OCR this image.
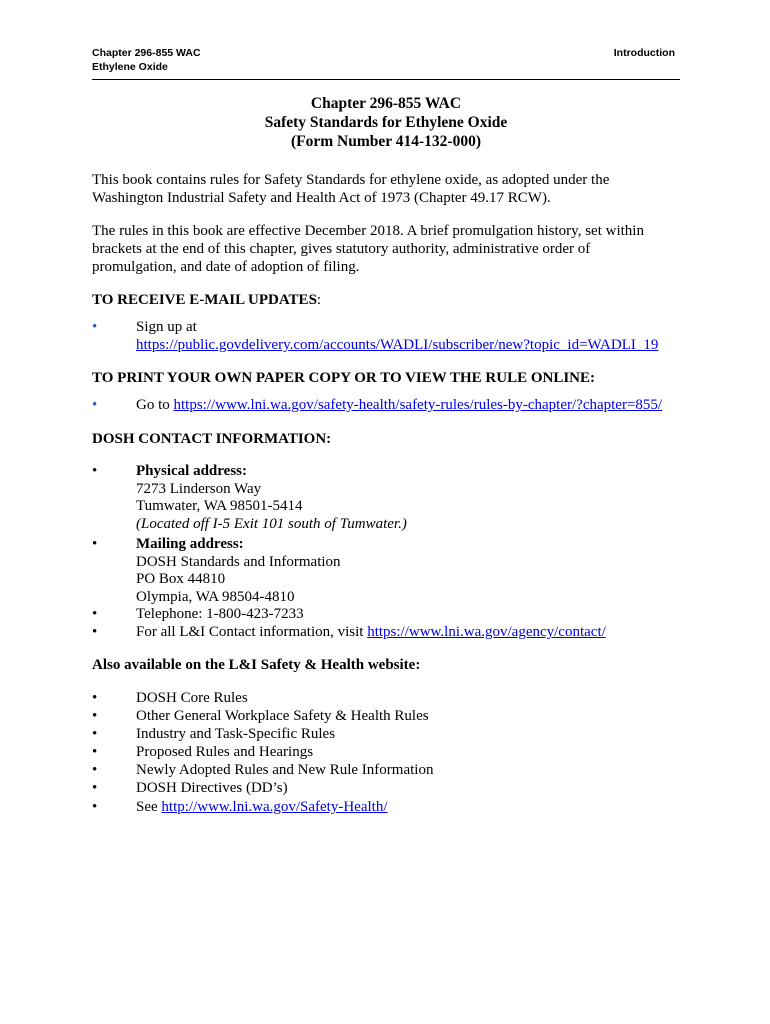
Chapter 296-855 WAC
Ethylene Oxide
Introduction
Chapter 296-855 WAC
Safety Standards for Ethylene Oxide
(Form Number 414-132-000)
This book contains rules for Safety Standards for ethylene oxide, as adopted under the
Washington Industrial Safety and Health Act of 1973 (Chapter 49.17 RCW).
The rules in this book are effective December 2018. A brief promulgation history, set within
brackets at the end of this chapter, gives statutory authority, administrative order of
promulgation, and date of adoption of filing.
TO RECEIVE E-MAIL UPDATES:
•	Sign up at
https://public.govdelivery.com/accounts/WADLI/subscriber/new?topic_id=WADLI_19
TO PRINT YOUR OWN PAPER COPY OR TO VIEW THE RULE ONLINE:
•	Go to https://www.lni.wa.gov/safety-health/safety-rules/rules-by-chapter/?chapter=855/
DOSH CONTACT INFORMATION:
•	Physical address:
7273 Linderson Way
Tumwater, WA 98501-5414
(Located off I-5 Exit 101 south of Tumwater.)
•	Mailing address:
DOSH Standards and Information
PO Box 44810
Olympia, WA 98504-4810
•	Telephone: 1-800-423-7233
•	For all L&I Contact information, visit https://www.lni.wa.gov/agency/contact/
Also available on the L&I Safety & Health website:
•	DOSH Core Rules
•	Other General Workplace Safety & Health Rules
•	Industry and Task-Specific Rules
•	Proposed Rules and Hearings
•	Newly Adopted Rules and New Rule Information
•	DOSH Directives (DD’s)
•	See http://www.lni.wa.gov/Safety-Health/
